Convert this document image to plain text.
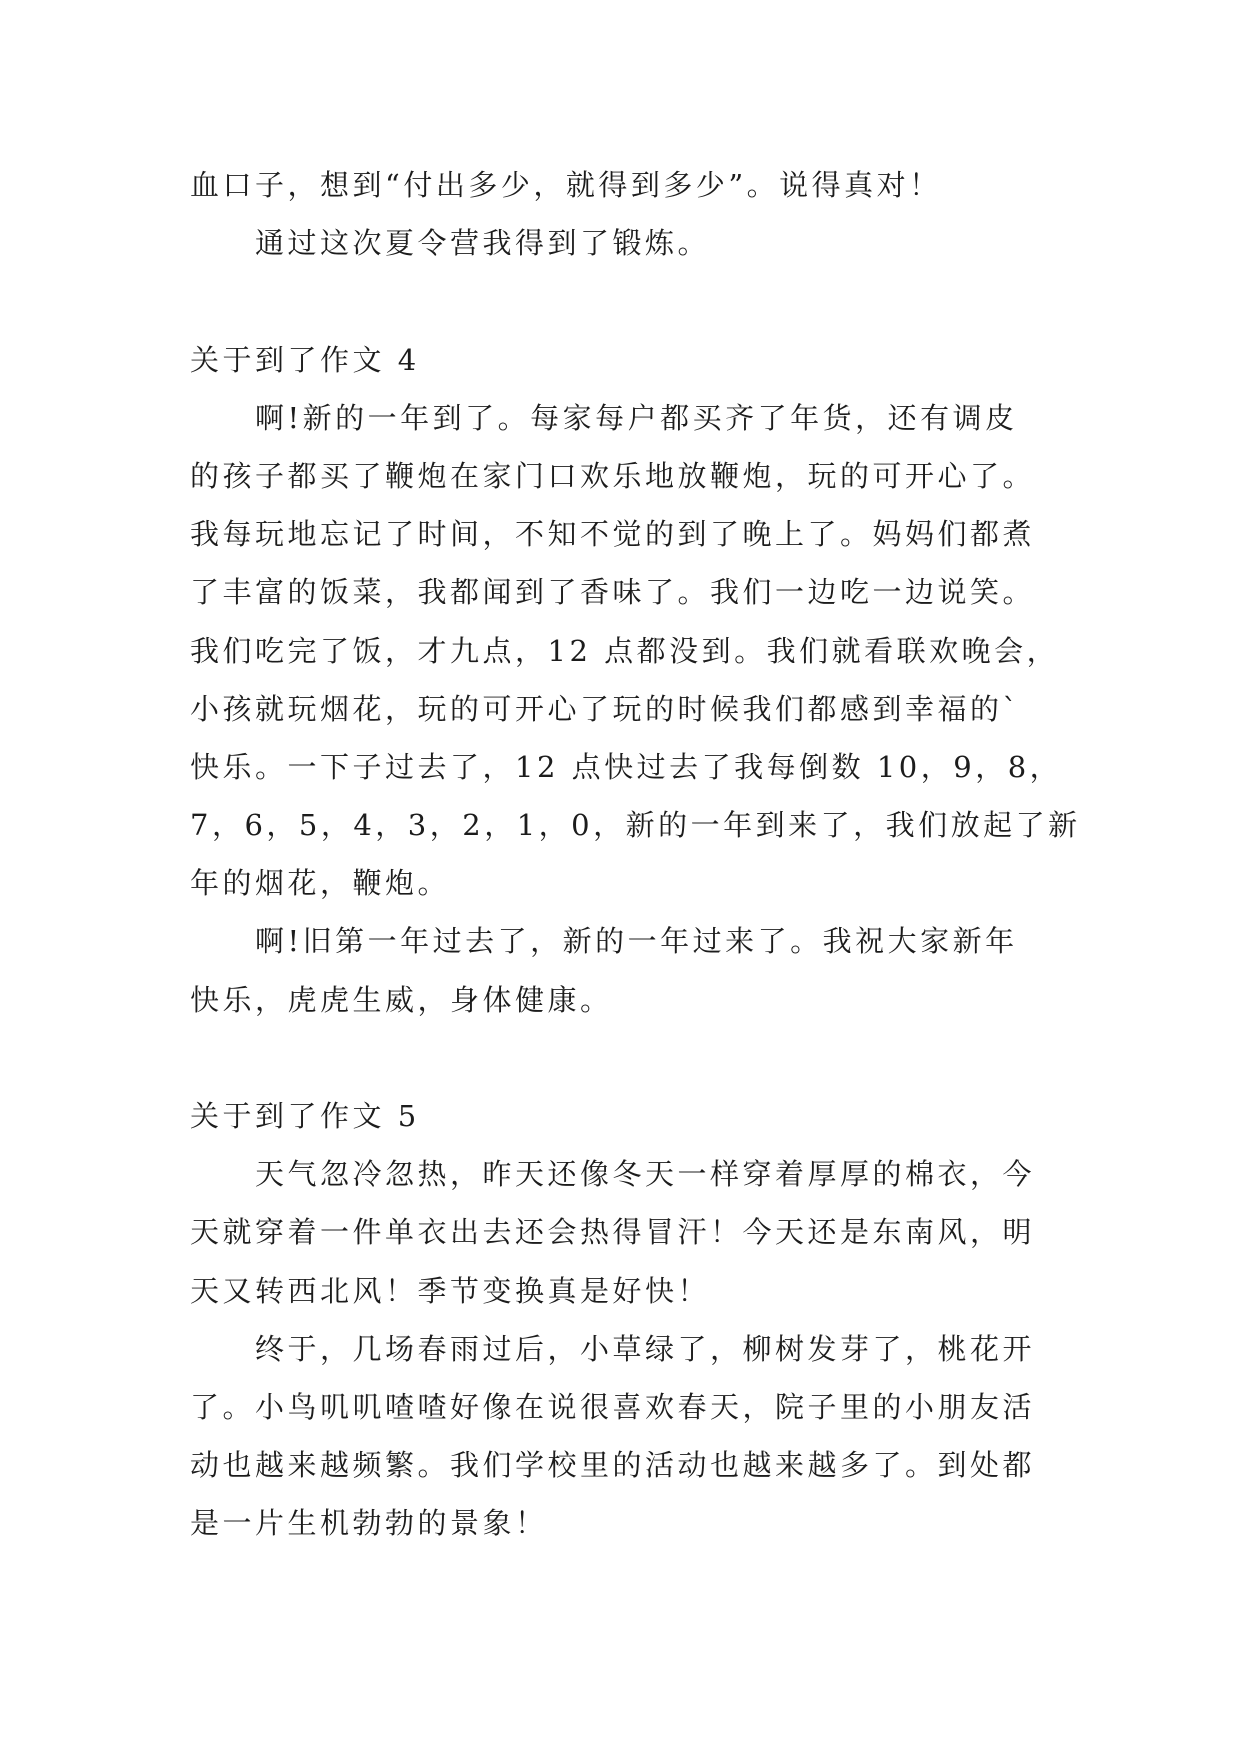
血口子，想到“付出多少，就得到多少”。说得真对！
通过这次夏令营我得到了锻炼。
关于到了作文 4
啊!新的一年到了。每家每户都买齐了年货，还有调皮
的孩子都买了鞭炮在家门口欢乐地放鞭炮，玩的可开心了。
我每玩地忘记了时间，不知不觉的到了晚上了。妈妈们都煮
了丰富的饭菜，我都闻到了香味了。我们一边吃一边说笑。
我们吃完了饭，才九点，12 点都没到。我们就看联欢晚会，
小孩就玩烟花，玩的可开心了玩的时候我们都感到幸福的`
快乐。一下子过去了，12 点快过去了我每倒数 10，9，8，
7，6，5，4，3，2，1，0，新的一年到来了，我们放起了新
年的烟花，鞭炮。
啊!旧第一年过去了，新的一年过来了。我祝大家新年
快乐，虎虎生威，身体健康。
关于到了作文 5
天气忽冷忽热，昨天还像冬天一样穿着厚厚的棉衣，今
天就穿着一件单衣出去还会热得冒汗！今天还是东南风，明
天又转西北风！季节变换真是好快！
终于，几场春雨过后，小草绿了，柳树发芽了，桃花开
了。小鸟叽叽喳喳好像在说很喜欢春天，院子里的小朋友活
动也越来越频繁。我们学校里的活动也越来越多了。到处都
是一片生机勃勃的景象！
